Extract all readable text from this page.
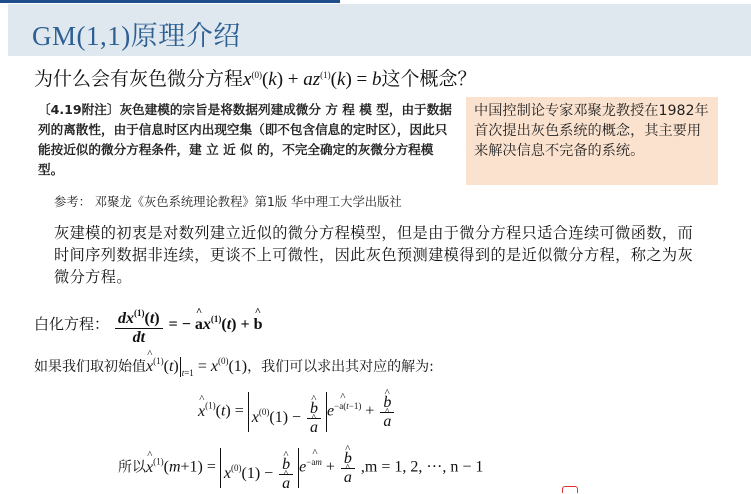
GM(1,1)原理介绍
为什么会有灰色微分方程$x^{(0)}(k) + az^{(1)}(k) = b$这个概念？
〔4.19附注〕灰色建模的宗旨是将数据列建成微分 方 程 模 型，由于数据列的离散性，由于信息时区内出现空集（即不包含信息的定时区），因此只能按近似的微分方程条件，建 立 近 似 的，不完全确定的灰微分方程模型。
参考： 邓聚龙《灰色系统理论教程》第1版 华中理工大学出版社
中国控制论专家邓聚龙教授在1982年首次提出灰色系统的概念，其主要用来解决信息不完备的系统。
灰建模的初衷是对数列建立近似的微分方程模型，但是由于微分方程只适合连续可微函数，而时间序列数据非连续，更谈不上可微性，因此灰色预测建模得到的是近似微分方程，称之为灰微分方程。
白化方程： $\frac{dx^{(1)}(t)}{dt}$ = − ^ $ax^{(1)}(t)$ + ^ b
如果我们取初始值^ $x^{(1)}(t) _{t=1} = x^{(0)}(1)$，我们可以求出其对应的解为:
^ $x^{(1)}(t) = x^{(0)}(1)$ − ^ b
^ a $e^{-\^{} a(t-1)}$ + ^ b
^ a
所以^ $x^{(1)}(m+1) = x^{(0)}(1)$ − ^ b
^ a $e^{-\^{} am}$ + ^ b
^ a ,m = 1, 2, ···, n − 1
